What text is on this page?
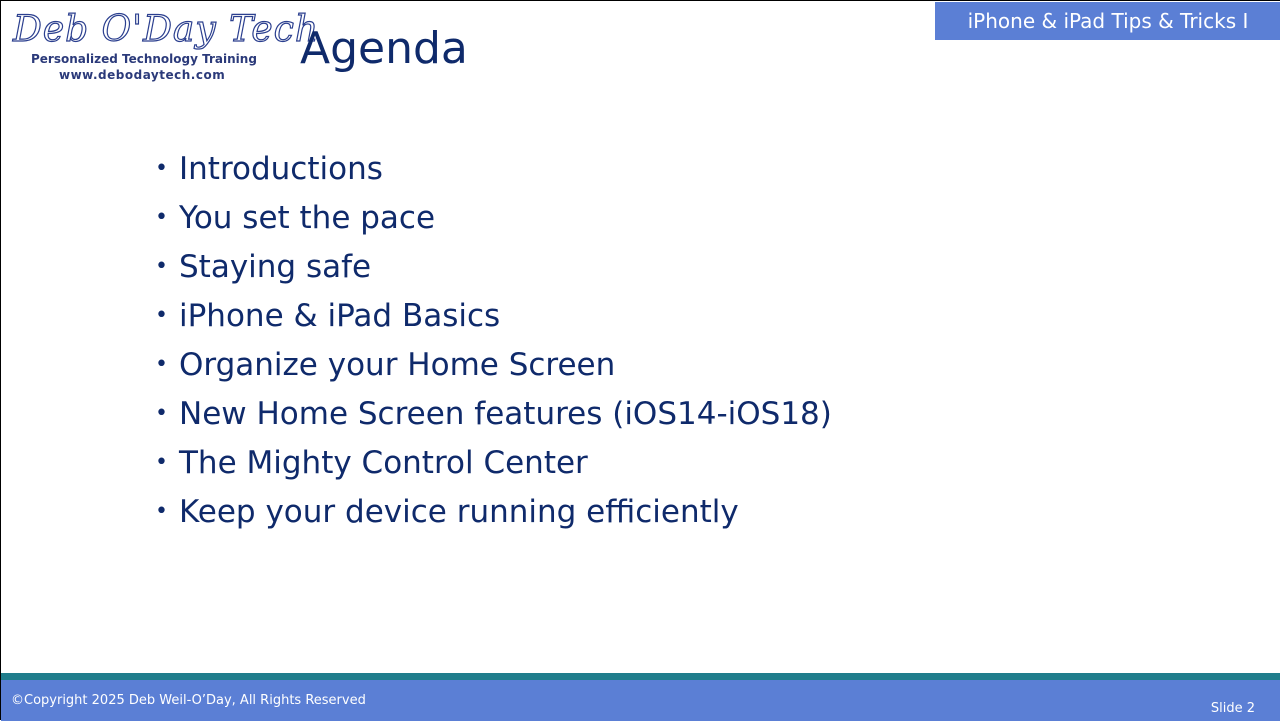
Deb O'Day Tech
Personalized Technology Training
www.debodaytech.com
Agenda
iPhone & iPad Tips & Tricks I
• Introductions
• You set the pace
• Staying safe
• iPhone & iPad Basics
• Organize your Home Screen
• New Home Screen features (iOS14-iOS18)
• The Mighty Control Center
• Keep your device running efficiently
©Copyright 2025 Deb Weil-O’Day, All Rights Reserved
Slide 2
